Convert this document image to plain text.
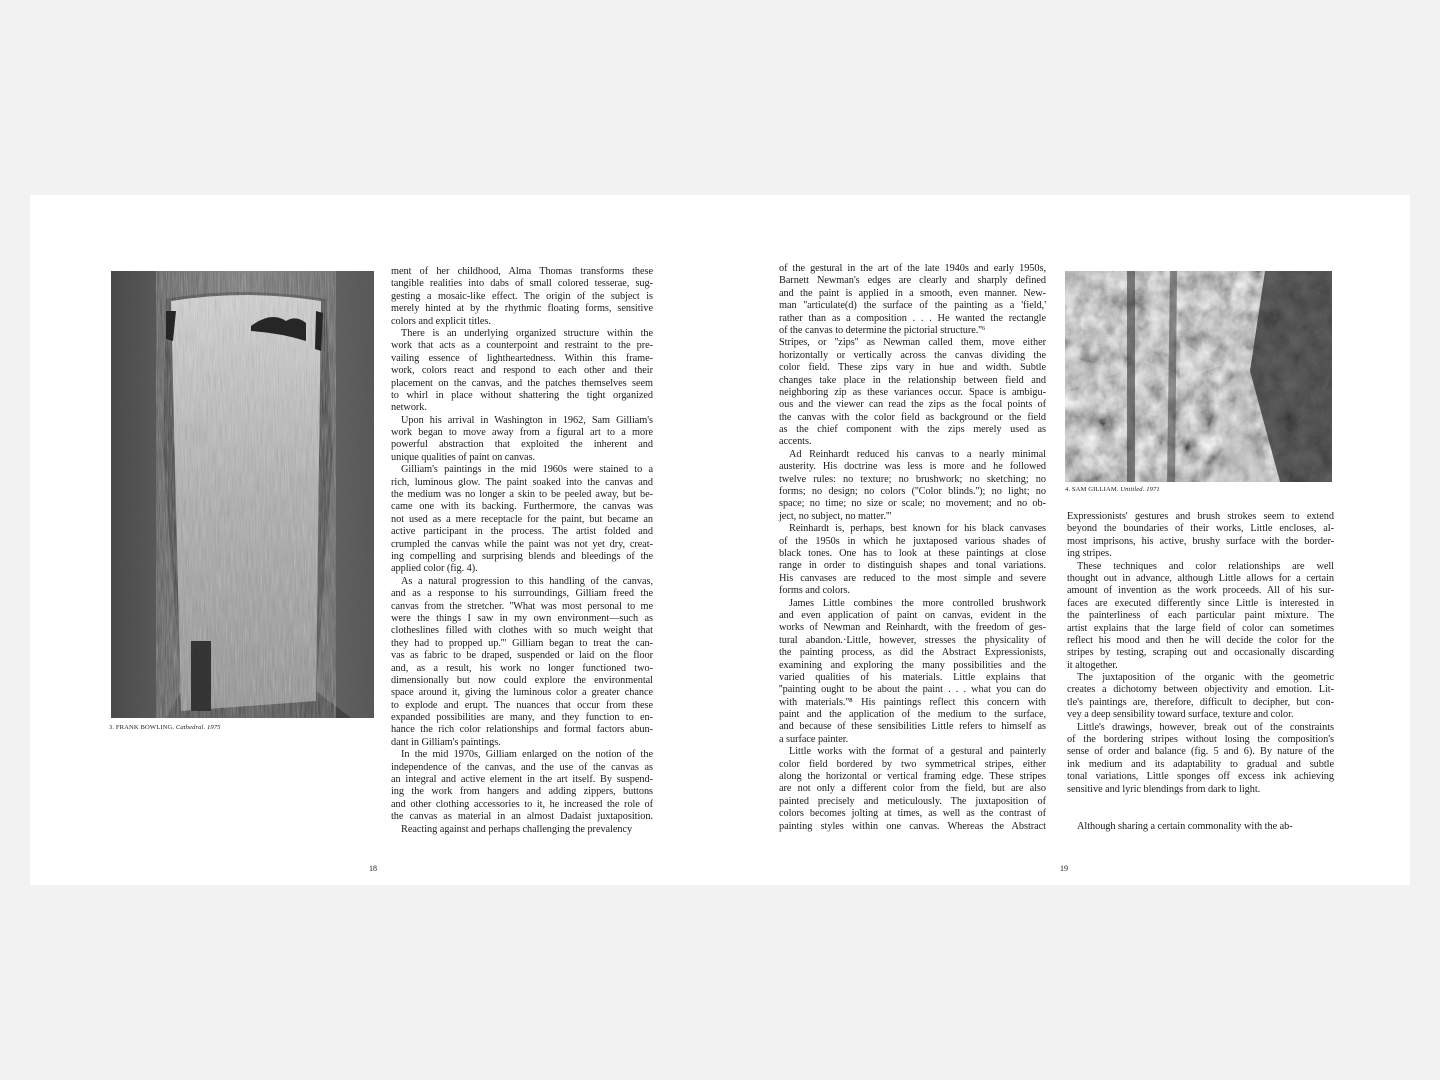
3. FRANK BOWLING. Cathedral. 1975
ment of her childhood, Alma Thomas transforms these
tangible realities into dabs of small colored tesserae, sug-
gesting a mosaic-like effect. The origin of the subject is
merely hinted at by the rhythmic floating forms, sensitive
colors and explicit titles.
There is an underlying organized structure within the
work that acts as a counterpoint and restraint to the pre-
vailing essence of lightheartedness. Within this frame-
work, colors react and respond to each other and their
placement on the canvas, and the patches themselves seem
to whirl in place without shattering the tight organized
network.
Upon his arrival in Washington in 1962, Sam Gilliam's
work began to move away from a figural art to a more
powerful abstraction that exploited the inherent and
unique qualities of paint on canvas.
Gilliam's paintings in the mid 1960s were stained to a
rich, luminous glow. The paint soaked into the canvas and
the medium was no longer a skin to be peeled away, but be-
came one with its backing. Furthermore, the canvas was
not used as a mere receptacle for the paint, but became an
active participant in the process. The artist folded and
crumpled the canvas while the paint was not yet dry, creat-
ing compelling and surprising blends and bleedings of the
applied color (fig. 4).
As a natural progression to this handling of the canvas,
and as a response to his surroundings, Gilliam freed the
canvas from the stretcher. ''What was most personal to me
were the things I saw in my own environment—such as
clotheslines filled with clothes with so much weight that
they had to propped up.''' Gilliam began to treat the can-
vas as fabric to be draped, suspended or laid on the floor
and, as a result, his work no longer functioned two-
dimensionally but now could explore the environmental
space around it, giving the luminous color a greater chance
to explode and erupt. The nuances that occur from these
expanded possibilities are many, and they function to en-
hance the rich color relationships and formal factors abun-
dant in Gilliam's paintings.
In the mid 1970s, Gilliam enlarged on the notion of the
independence of the canvas, and the use of the canvas as
an integral and active element in the art itself. By suspend-
ing the work from hangers and adding zippers, buttons
and other clothing accessories to it, he increased the role of
the canvas as material in an almost Dadaist juxtaposition.
Reacting against and perhaps challenging the prevalency
18
of the gestural in the art of the late 1940s and early 1950s,
Barnett Newman's edges are clearly and sharply defined
and the paint is applied in a smooth, even manner. New-
man ''articulate(d) the surface of the painting as a 'field,'
rather than as a composition . . . He wanted the rectangle
of the canvas to determine the pictorial structure.''⁶
Stripes, or ''zips'' as Newman called them, move either
horizontally or vertically across the canvas dividing the
color field. These zips vary in hue and width. Subtle
changes take place in the relationship between field and
neighboring zip as these variances occur. Space is ambigu-
ous and the viewer can read the zips as the focal points of
the canvas with the color field as background or the field
as the chief component with the zips merely used as
accents.
Ad Reinhardt reduced his canvas to a nearly minimal
austerity. His doctrine was less is more and he followed
twelve rules: no texture; no brushwork; no sketching; no
forms; no design; no colors (''Color blinds.''); no light; no
space; no time; no size or scale; no movement; and no ob-
ject, no subject, no matter.'''
Reinhardt is, perhaps, best known for his black canvases
of the 1950s in which he juxtaposed various shades of
black tones. One has to look at these paintings at close
range in order to distinguish shapes and tonal variations.
His canvases are reduced to the most simple and severe
forms and colors.
James Little combines the more controlled brushwork
and even application of paint on canvas, evident in the
works of Newman and Reinhardt, with the freedom of ges-
tural abandon.·Little, however, stresses the physicality of
the painting process, as did the Abstract Expressionists,
examining and exploring the many possibilities and the
varied qualities of his materials. Little explains that
''painting ought to be about the paint . . . what you can do
with materials.''⁸ His paintings reflect this concern with
paint and the application of the medium to the surface,
and because of these sensibilities Little refers to himself as
a surface painter.
Little works with the format of a gestural and painterly
color field bordered by two symmetrical stripes, either
along the horizontal or vertical framing edge. These stripes
are not only a different color from the field, but are also
painted precisely and meticulously. The juxtaposition of
colors becomes jolting at times, as well as the contrast of
painting styles within one canvas. Whereas the Abstract
4. SAM GILLIAM. Untitled. 1971
Expressionists' gestures and brush strokes seem to extend
beyond the boundaries of their works, Little encloses, al-
most imprisons, his active, brushy surface with the border-
ing stripes.
These techniques and color relationships are well
thought out in advance, although Little allows for a certain
amount of invention as the work proceeds. All of his sur-
faces are executed differently since Little is interested in
the painterliness of each particular paint mixture. The
artist explains that the large field of color can sometimes
reflect his mood and then he will decide the color for the
stripes by testing, scraping out and occasionally discarding
it altogether.
The juxtaposition of the organic with the geometric
creates a dichotomy between objectivity and emotion. Lit-
tle's paintings are, therefore, difficult to decipher, but con-
vey a deep sensibility toward surface, texture and color.
Little's drawings, however, break out of the constraints
of the bordering stripes without losing the composition's
sense of order and balance (fig. 5 and 6). By nature of the
ink medium and its adaptability to gradual and subtle
tonal variations, Little sponges off excess ink achieving
sensitive and lyric blendings from dark to light.
Although sharing a certain commonality with the ab-
19
